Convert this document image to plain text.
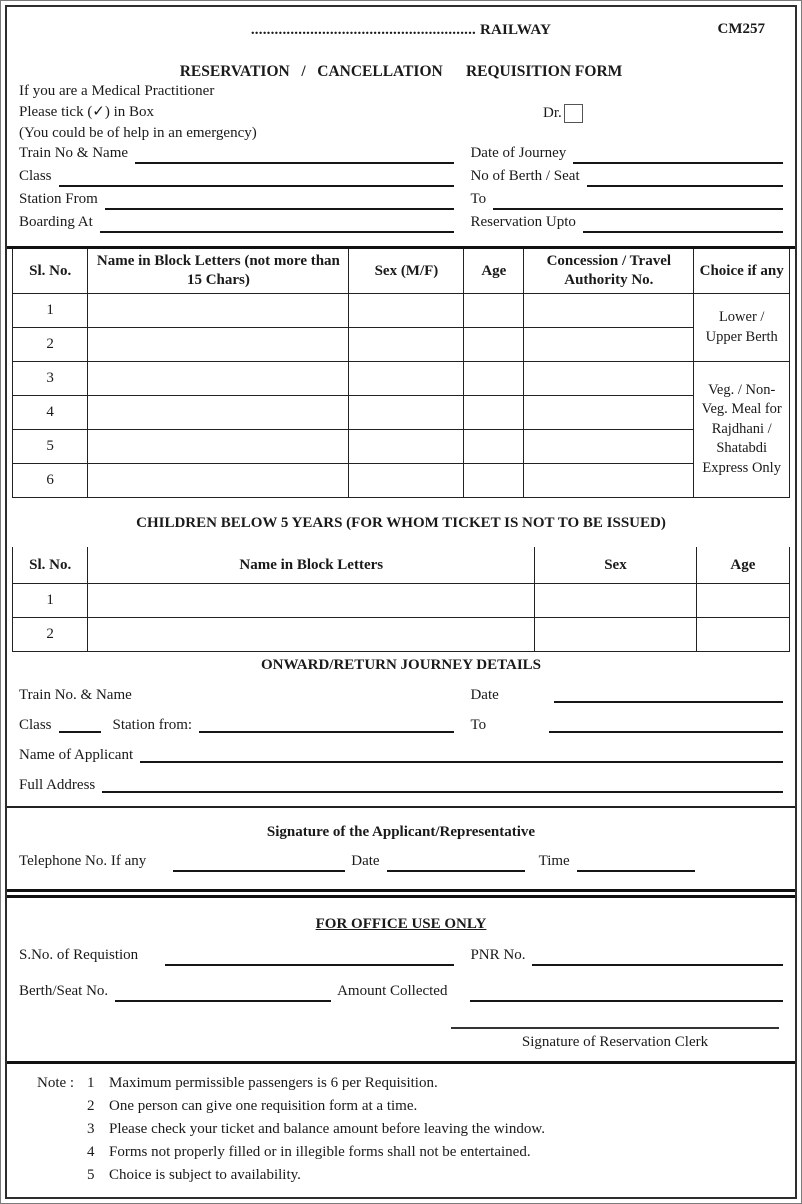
......................................................... RAILWAY	CM257
RESERVATION   /   CANCELLATION      REQUISITION FORM
If you are a Medical Practitioner
Please tick (✓) in Box	Dr.
(You could be of help in an emergency)
Train No & Name	Date of Journey
Class	No of Berth / Seat
Station From	To
Boarding At	Reservation Upto
Sl. No.	Name in Block Letters (not more than 15 Chars)	Sex (M/F)	Age	Concession / Travel Authority No.	Choice if any
1					Lower / Upper Berth
2					
3					Veg. / Non-Veg. Meal for Rajdhani / Shatabdi Express Only
4					
5					
6					
CHILDREN BELOW 5 YEARS (FOR WHOM TICKET IS NOT TO BE ISSUED)
Sl. No.	Name in Block Letters	Sex	Age
1			
2			
ONWARD/RETURN JOURNEY DETAILS
Train No. & Name	Date
Class	Station from:	To
Name of Applicant
Full Address
Signature of the Applicant/Representative
Telephone No. If any	Date	Time
FOR OFFICE USE ONLY
S.No. of Requistion	PNR No.
Berth/Seat No.	Amount Collected
Signature of Reservation Clerk
Note : 1 Maximum permissible passengers is 6 per Requisition.
2 One person can give one requisition form at a time.
3 Please check your ticket and balance amount before leaving the window.
4 Forms not properly filled or in illegible forms shall not be entertained.
5 Choice is subject to availability.
